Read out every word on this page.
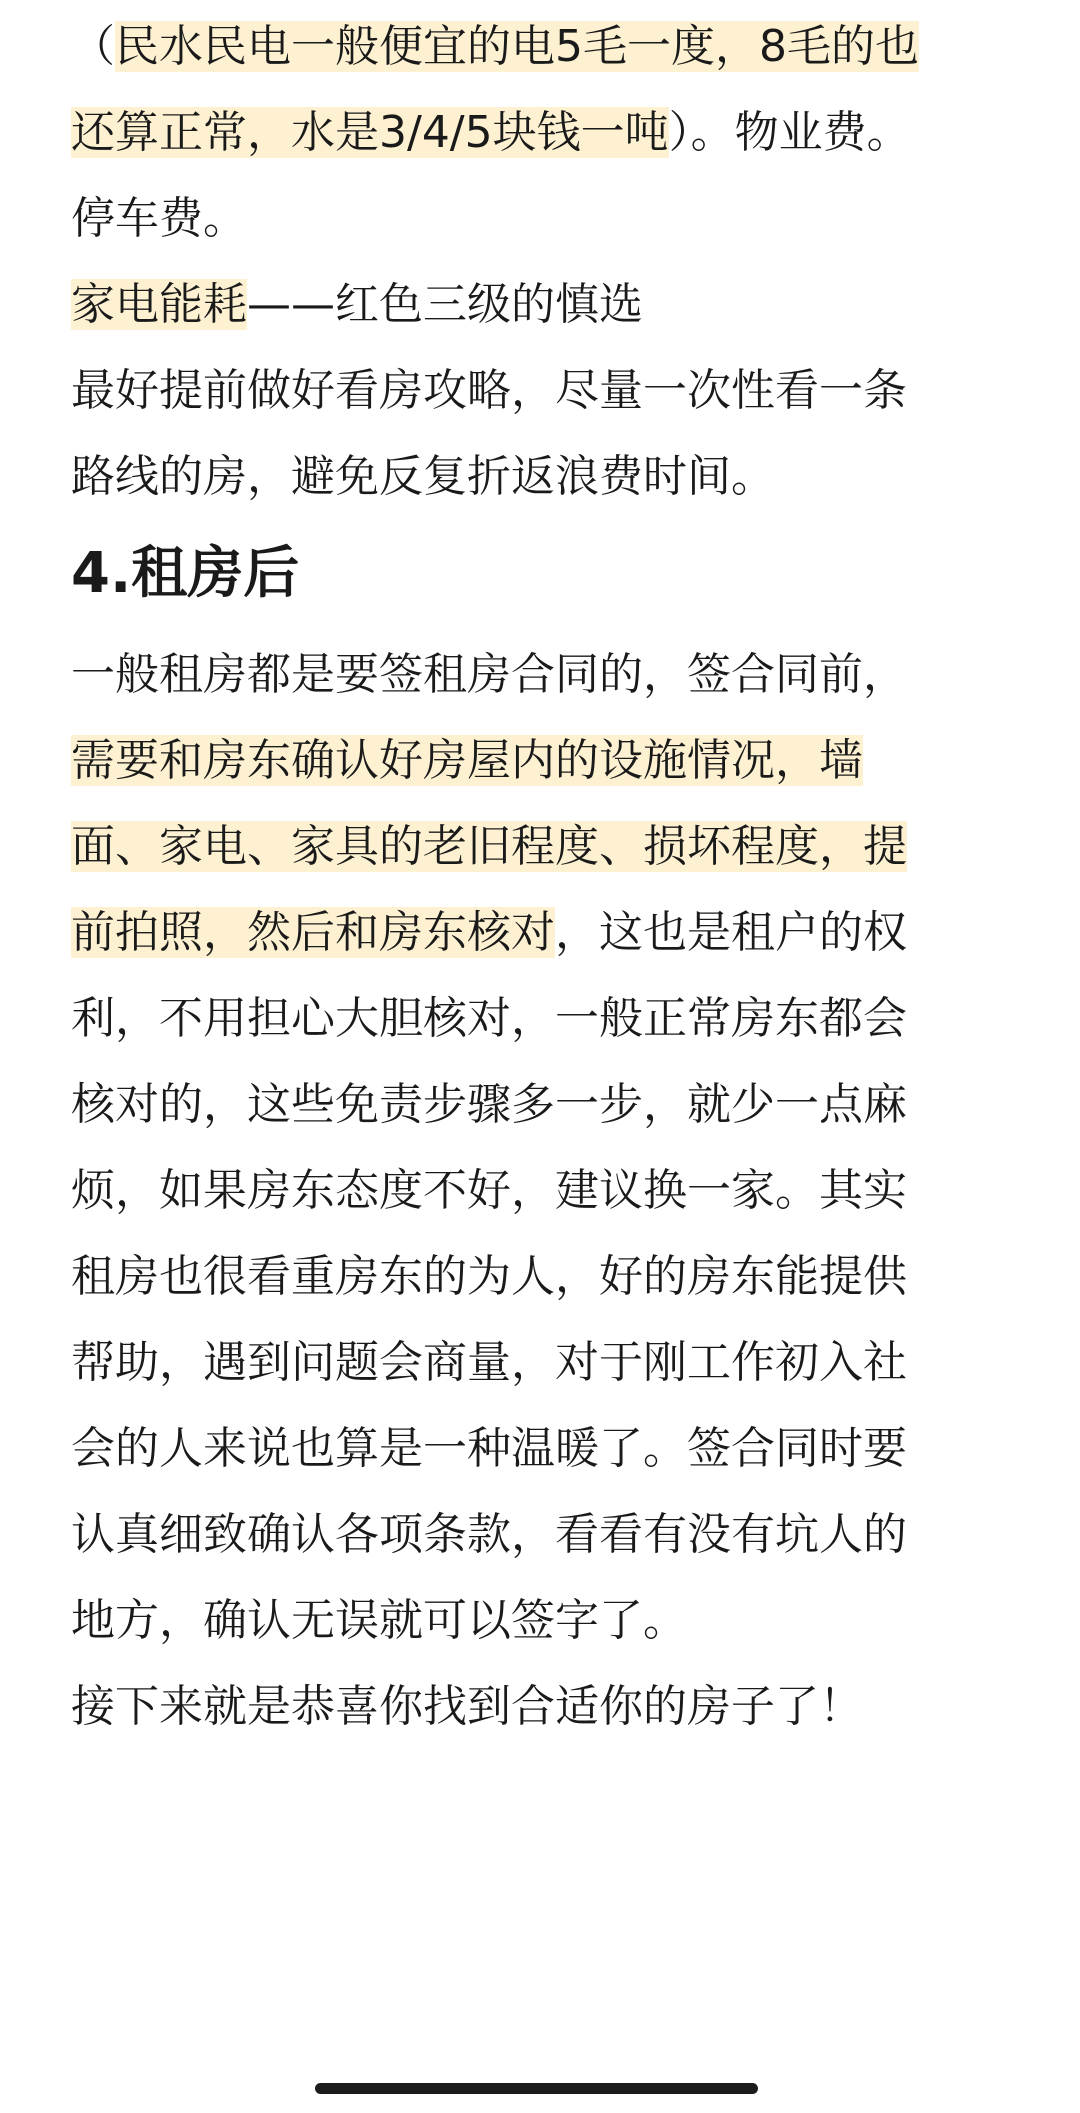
（民水民电一般便宜的电5毛一度，8毛的也
还算正常，水是3/4/5块钱一吨）。物业费。
停车费。
家电能耗——红色三级的慎选
最好提前做好看房攻略，尽量一次性看一条
路线的房，避免反复折返浪费时间。
4.租房后
一般租房都是要签租房合同的，签合同前，
需要和房东确认好房屋内的设施情况，墙
面、家电、家具的老旧程度、损坏程度，提
前拍照，然后和房东核对，这也是租户的权
利，不用担心大胆核对，一般正常房东都会
核对的，这些免责步骤多一步，就少一点麻
烦，如果房东态度不好，建议换一家。其实
租房也很看重房东的为人，好的房东能提供
帮助，遇到问题会商量，对于刚工作初入社
会的人来说也算是一种温暖了。签合同时要
认真细致确认各项条款，看看有没有坑人的
地方，确认无误就可以签字了。
接下来就是恭喜你找到合适你的房子了！
